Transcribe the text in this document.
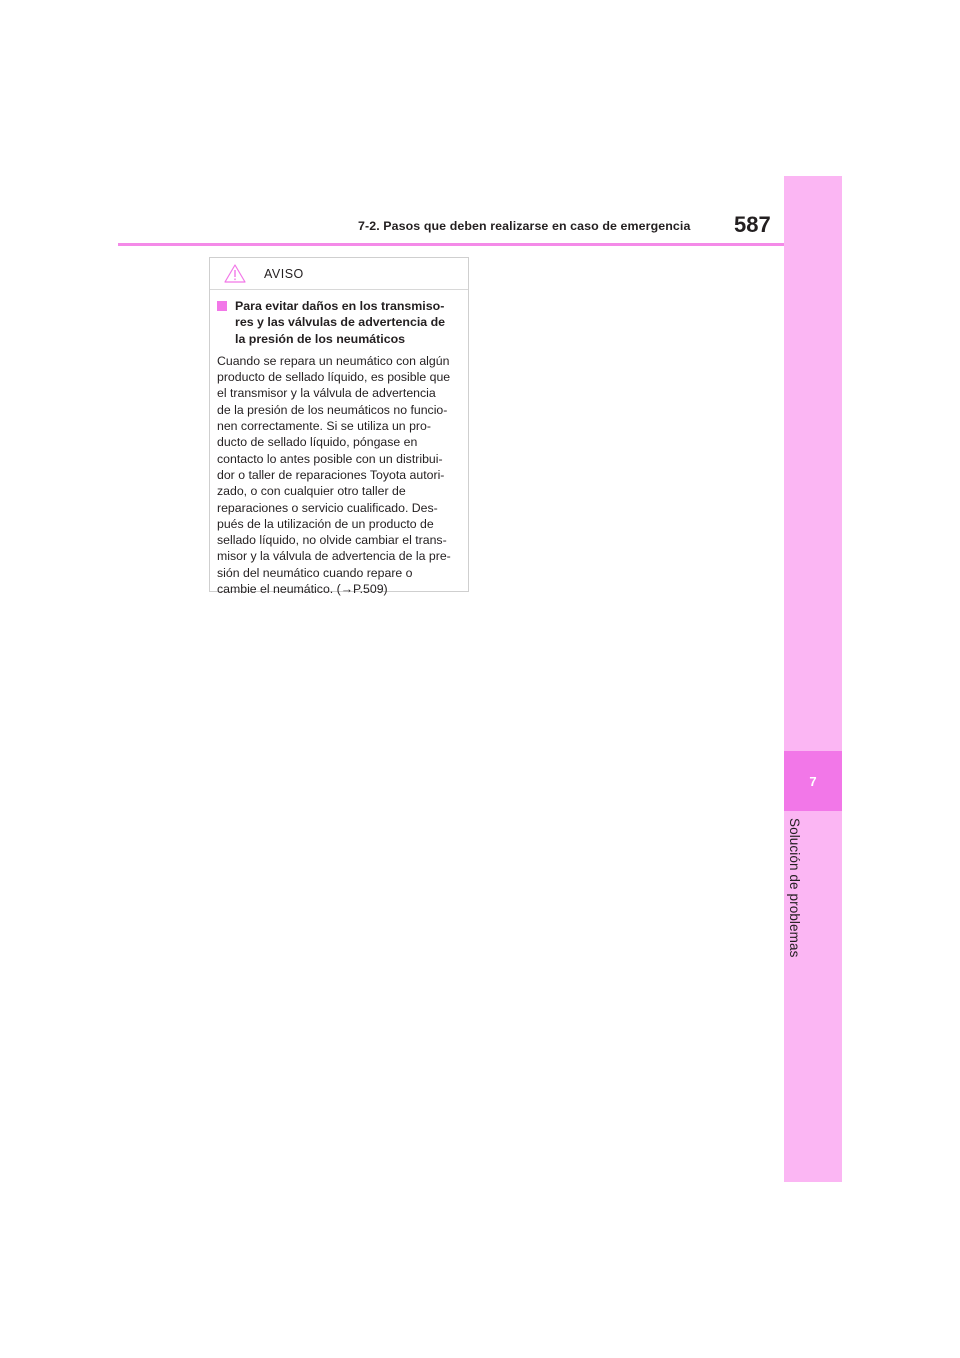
7
Solución de problemas
7-2. Pasos que deben realizarse en caso de emergencia 587
AVISO
Para evitar daños en los transmiso-
res y las válvulas de advertencia de
la presión de los neumáticos
Cuando se repara un neumático con algún
producto de sellado líquido, es posible que
el transmisor y la válvula de advertencia
de la presión de los neumáticos no funcio-
nen correctamente. Si se utiliza un pro-
ducto de sellado líquido, póngase en
contacto lo antes posible con un distribui-
dor o taller de reparaciones Toyota autori-
zado, o con cualquier otro taller de
reparaciones o servicio cualificado. Des-
pués de la utilización de un producto de
sellado líquido, no olvide cambiar el trans-
misor y la válvula de advertencia de la pre-
sión del neumático cuando repare o
cambie el neumático. (→P.509)
